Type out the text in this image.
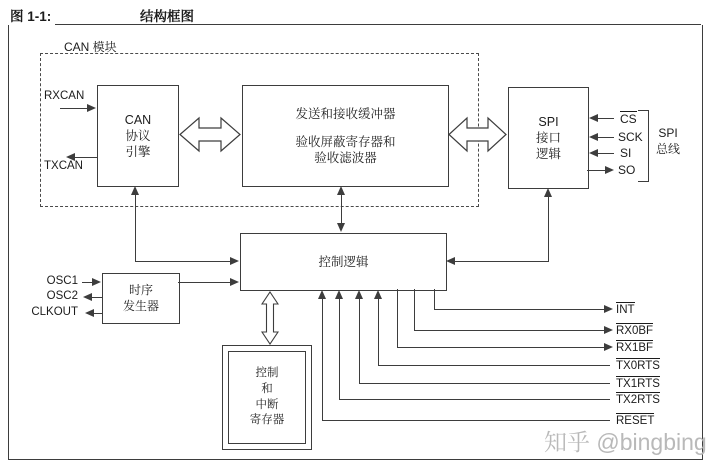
图 1-1:	结构框图
CAN 模块
CAN
协议
引擎
发送和接收缓冲器
验收屏蔽寄存器和
验收滤波器
SPI
接口
逻辑
控制逻辑
时序
发生器
控制
和
中断
寄存器
RXCAN
TXCAN
OSC1
OSC2
CLKOUT
CS
SCK
SI
SO
SPI
总线
INT
RX0BF
RX1BF
TX0RTS
TX1RTS
TX2RTS
RESET
知乎 @bingbing
